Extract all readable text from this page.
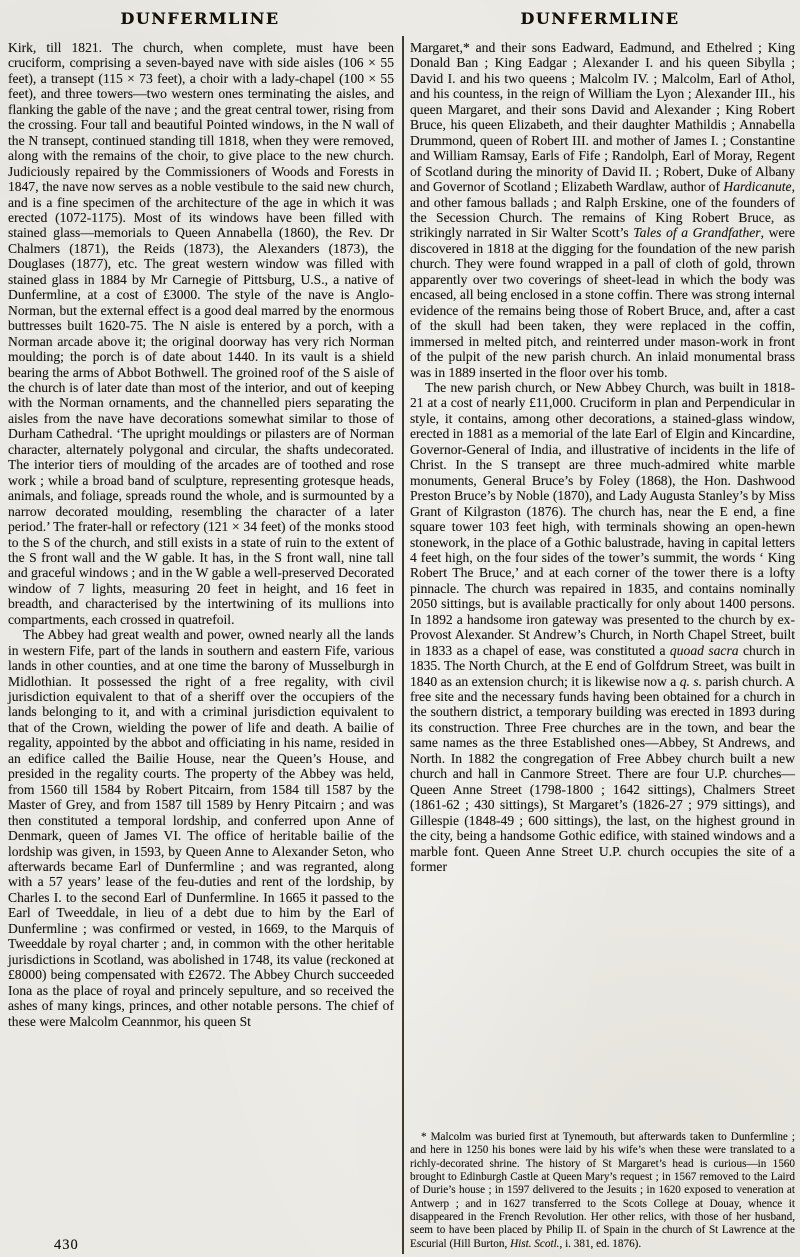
DUNFERMLINE	DUNFERMLINE

Kirk, till 1821. The church, when complete, must have been cruciform, comprising a seven-bayed nave with side aisles (106 × 55 feet), a transept (115 × 73 feet), a choir with a lady-chapel (100 × 55 feet), and three towers—two western ones terminating the aisles, and flanking the gable of the nave ; and the great central tower, rising from the crossing. Four tall and beautiful Pointed windows, in the N wall of the N transept, continued standing till 1818, when they were removed, along with the remains of the choir, to give place to the new church. Judiciously repaired by the Commissioners of Woods and Forests in 1847, the nave now serves as a noble vestibule to the said new church, and is a fine specimen of the architecture of the age in which it was erected (1072-1175). Most of its windows have been filled with stained glass—memorials to Queen Annabella (1860), the Rev. Dr Chalmers (1871), the Reids (1873), the Alexanders (1873), the Douglases (1877), etc. The great western window was filled with stained glass in 1884 by Mr Carnegie of Pittsburg, U.S., a native of Dunfermline, at a cost of £3000. The style of the nave is Anglo-Norman, but the external effect is a good deal marred by the enormous buttresses built 1620-75. The N aisle is entered by a porch, with a Norman arcade above it; the original doorway has very rich Norman moulding; the porch is of date about 1440. In its vault is a shield bearing the arms of Abbot Bothwell. The groined roof of the S aisle of the church is of later date than most of the interior, and out of keeping with the Norman ornaments, and the channelled piers separating the aisles from the nave have decorations somewhat similar to those of Durham Cathedral. ‘The upright mouldings or pilasters are of Norman character, alternately polygonal and circular, the shafts undecorated. The interior tiers of moulding of the arcades are of toothed and rose work ; while a broad band of sculpture, representing grotesque heads, animals, and foliage, spreads round the whole, and is surmounted by a narrow decorated moulding, resembling the character of a later period.’ The frater-hall or refectory (121 × 34 feet) of the monks stood to the S of the church, and still exists in a state of ruin to the extent of the S front wall and the W gable. It has, in the S front wall, nine tall and graceful windows ; and in the W gable a well-preserved Decorated window of 7 lights, measuring 20 feet in height, and 16 feet in breadth, and characterised by the intertwining of its mullions into compartments, each crossed in quatrefoil.

The Abbey had great wealth and power, owned nearly all the lands in western Fife, part of the lands in southern and eastern Fife, various lands in other counties, and at one time the barony of Musselburgh in Midlothian. It possessed the right of a free regality, with civil jurisdiction equivalent to that of a sheriff over the occupiers of the lands belonging to it, and with a criminal jurisdiction equivalent to that of the Crown, wielding the power of life and death. A bailie of regality, appointed by the abbot and officiating in his name, resided in an edifice called the Bailie House, near the Queen’s House, and presided in the regality courts. The property of the Abbey was held, from 1560 till 1584 by Robert Pitcairn, from 1584 till 1587 by the Master of Grey, and from 1587 till 1589 by Henry Pitcairn ; and was then constituted a temporal lordship, and conferred upon Anne of Denmark, queen of James VI. The office of heritable bailie of the lordship was given, in 1593, by Queen Anne to Alexander Seton, who afterwards became Earl of Dunfermline ; and was regranted, along with a 57 years’ lease of the feu-duties and rent of the lordship, by Charles I. to the second Earl of Dunfermline. In 1665 it passed to the Earl of Tweeddale, in lieu of a debt due to him by the Earl of Dunfermline ; was confirmed or vested, in 1669, to the Marquis of Tweeddale by royal charter ; and, in common with the other heritable jurisdictions in Scotland, was abolished in 1748, its value (reckoned at £8000) being compensated with £2672. The Abbey Church succeeded Iona as the place of royal and princely sepulture, and so received the ashes of many kings, princes, and other notable persons. The chief of these were Malcolm Ceannmor, his queen St

Margaret,* and their sons Eadward, Eadmund, and Ethelred ; King Donald Ban ; King Eadgar ; Alexander I. and his queen Sibylla ; David I. and his two queens ; Malcolm IV. ; Malcolm, Earl of Athol, and his countess, in the reign of William the Lyon ; Alexander III., his queen Margaret, and their sons David and Alexander ; King Robert Bruce, his queen Elizabeth, and their daughter Mathildis ; Annabella Drummond, queen of Robert III. and mother of James I. ; Constantine and William Ramsay, Earls of Fife ; Randolph, Earl of Moray, Regent of Scotland during the minority of David II. ; Robert, Duke of Albany and Governor of Scotland ; Elizabeth Wardlaw, author of Hardicanute, and other famous ballads ; and Ralph Erskine, one of the founders of the Secession Church. The remains of King Robert Bruce, as strikingly narrated in Sir Walter Scott’s Tales of a Grandfather, were discovered in 1818 at the digging for the foundation of the new parish church. They were found wrapped in a pall of cloth of gold, thrown apparently over two coverings of sheet-lead in which the body was encased, all being enclosed in a stone coffin. There was strong internal evidence of the remains being those of Robert Bruce, and, after a cast of the skull had been taken, they were replaced in the coffin, immersed in melted pitch, and reinterred under mason-work in front of the pulpit of the new parish church. An inlaid monumental brass was in 1889 inserted in the floor over his tomb.

The new parish church, or New Abbey Church, was built in 1818-21 at a cost of nearly £11,000. Cruciform in plan and Perpendicular in style, it contains, among other decorations, a stained-glass window, erected in 1881 as a memorial of the late Earl of Elgin and Kincardine, Governor-General of India, and illustrative of incidents in the life of Christ. In the S transept are three much-admired white marble monuments, General Bruce’s by Foley (1868), the Hon. Dashwood Preston Bruce’s by Noble (1870), and Lady Augusta Stanley’s by Miss Grant of Kilgraston (1876). The church has, near the E end, a fine square tower 103 feet high, with terminals showing an open-hewn stonework, in the place of a Gothic balustrade, having in capital letters 4 feet high, on the four sides of the tower’s summit, the words ‘ King Robert The Bruce,’ and at each corner of the tower there is a lofty pinnacle. The church was repaired in 1835, and contains nominally 2050 sittings, but is available practically for only about 1400 persons. In 1892 a handsome iron gateway was presented to the church by ex-Provost Alexander. St Andrew’s Church, in North Chapel Street, built in 1833 as a chapel of ease, was constituted a quoad sacra church in 1835. The North Church, at the E end of Golfdrum Street, was built in 1840 as an extension church; it is likewise now a q. s. parish church. A free site and the necessary funds having been obtained for a church in the southern district, a temporary building was erected in 1893 during its construction. Three Free churches are in the town, and bear the same names as the three Established ones—Abbey, St Andrews, and North. In 1882 the congregation of Free Abbey church built a new church and hall in Canmore Street. There are four U.P. churches—Queen Anne Street (1798-1800 ; 1642 sittings), Chalmers Street (1861-62 ; 430 sittings), St Margaret’s (1826-27 ; 979 sittings), and Gillespie (1848-49 ; 600 sittings), the last, on the highest ground in the city, being a handsome Gothic edifice, with stained windows and a marble font. Queen Anne Street U.P. church occupies the site of a former

* Malcolm was buried first at Tynemouth, but afterwards taken to Dunfermline ; and here in 1250 his bones were laid by his wife’s when these were translated to a richly-decorated shrine. The history of St Margaret’s head is curious—in 1560 brought to Edinburgh Castle at Queen Mary’s request ; in 1567 removed to the Laird of Durie’s house ; in 1597 delivered to the Jesuits ; in 1620 exposed to veneration at Antwerp ; and in 1627 transferred to the Scots College at Douay, whence it disappeared in the French Revolution. Her other relics, with those of her husband, seem to have been placed by Philip II. of Spain in the church of St Lawrence at the Escurial (Hill Burton, Hist. Scotl., i. 381, ed. 1876).
430
